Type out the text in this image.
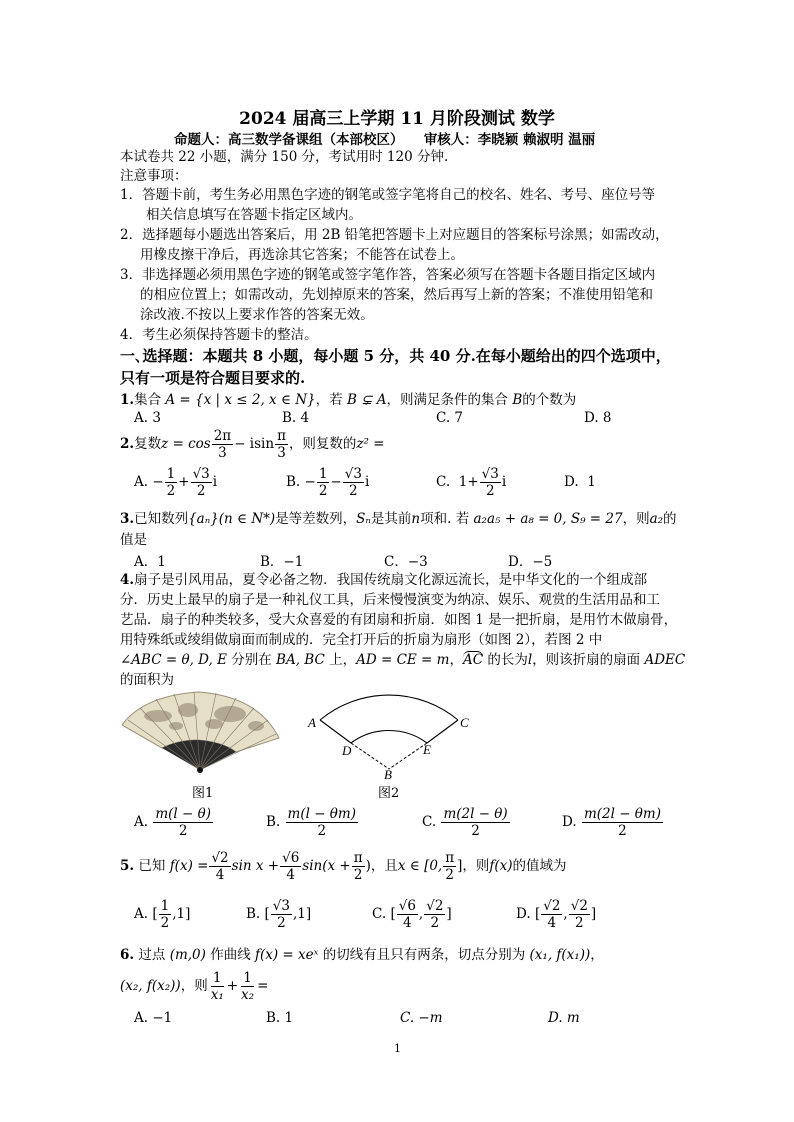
2024 届高三上学期 11 月阶段测试 数学
命题人：高三数学备课组（本部校区）　　审核人：李晓颖 赖淑明 温丽
本试卷共 22 小题，满分 150 分，考试用时 120 分钟.
注意事项：
1．答题卡前，考生务必用黑色字迹的钢笔或签字笔将自己的校名、姓名、考号、座位号等
相关信息填写在答题卡指定区域内。
2．选择题每小题选出答案后，用 2B 铅笔把答题卡上对应题目的答案标号涂黑；如需改动，
用橡皮擦干净后，再选涂其它答案；不能答在试卷上。
3．非选择题必须用黑色字迹的钢笔或签字笔作答，答案必须写在答题卡各题目指定区域内
的相应位置上；如需改动，先划掉原来的答案，然后再写上新的答案；不准使用铅笔和
涂改液.不按以上要求作答的答案无效。
4．考生必须保持答题卡的整洁。
一､选择题：本题共 8 小题，每小题 5 分，共 40 分.在每小题给出的四个选项中，
只有一项是符合题目要求的.
1.集合 A = {x | x ≤ 2, x ∈ N}，若 B ⊊ A，则满足条件的集合 B的个数为
A. 3	B. 4	C. 7	D. 8
2. 复数 $z = \cos \frac{2\pi}{3} - isin \frac{\pi}{3}$ ，则复数的 z² =
A.
− $\frac{1}{2} + \frac{√3}{2}$ i	B.
− $\frac{1}{2} - \frac{√3}{2}$ i	C.
$1+ \frac{√3}{2}$ i	D. 1
3.已知数列{aₙ}(n ∈ N*)是等差数列，Sₙ是其前n项和. 若 a₂a₅ + a₈ = 0, S₉ = 27，则a₂的
值是
A．1	B．−1	C．−3	D．−5
4.扇子是引风用品，夏令必备之物．我国传统扇文化源远流长，是中华文化的一个组成部
分．历史上最早的扇子是一种礼仪工具，后来慢慢演变为纳凉、娱乐、观赏的生活用品和工
艺品．扇子的种类较多，受大众喜爱的有团扇和折扇．如图 1 是一把折扇，是用竹木做扇骨，
用特殊纸或绫绢做扇面而制成的．完全打开后的折扇为扇形（如图 2），若图 2 中
∠ABC = θ, D, E 分别在 BA, BC 上，AD = CE = m，AC 的长为l，则该折扇的扇面 ADEC
的面积为
图1
A	C
D	E
B
图2
A.
$\frac{m(l - \theta)}{2}$	B.
$\frac{m(l - \theta m)}{2}$	C.
$\frac{m(2l - \theta)}{2}$	D.
$\frac{m(2l - \theta m)}{2}$
5.
已知
$f(x) = \frac{√2}{4}$ $\sin x + \frac{√6}{4} \sin(x + \frac{\pi}{2}$ ) ，且 x ∈ [0, $\frac{\pi}{2}$ ] ，则 f(x) 的值域为
A.
[ $\frac{1}{2} ,1$]	B.
[ $\frac{√3}{2} ,1$]	C.
[ $\frac{√6}{4}$ , $\frac{√2}{2}$ ]	D.
[ $\frac{√2}{4}$ , $\frac{√2}{2}$ ]
6. 过点 (m,0) 作曲线 f(x) = xeˣ 的切线有且只有两条，切点分别为 (x₁, f(x₁))，
(x₂, f(x₂)) ，则 $\frac{1}{\text{x₁}} + \frac{1}{\text{x₂}}$ =
A. −1	B. 1	C. −m	D. m
1
